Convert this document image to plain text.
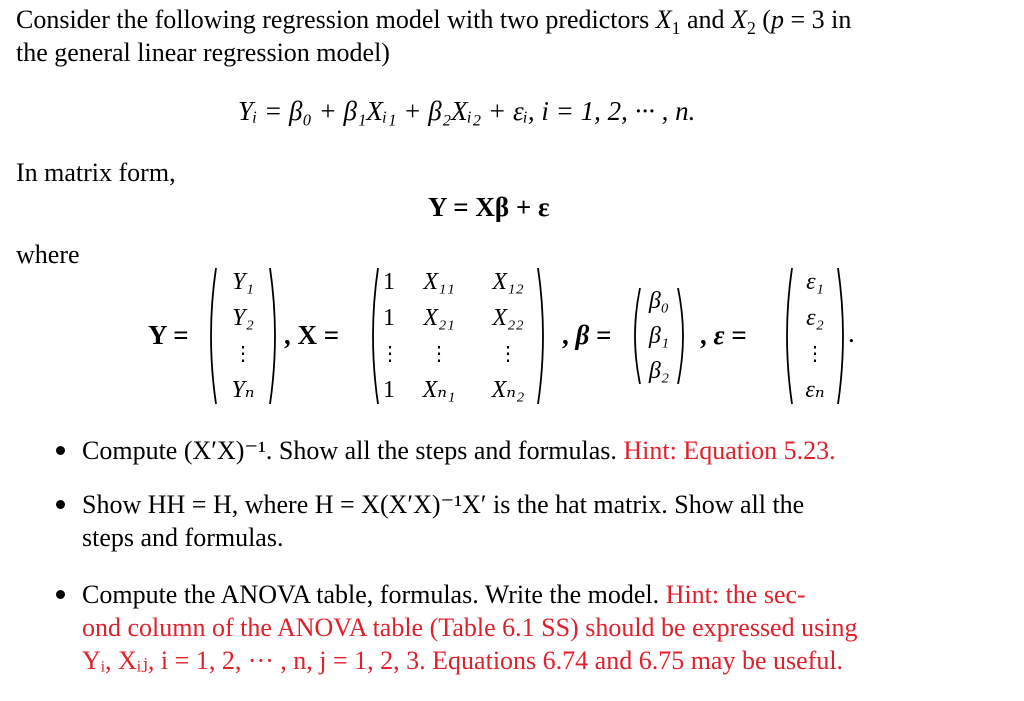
Consider the following regression model with two predictors $X_1$ and $X_2$ (p = 3 in
the general linear regression model)
Yᵢ = β₀ + β₁Xᵢ₁ + β₂Xᵢ₂ + εᵢ, i = 1, 2, ··· , n.
In matrix form,
Y = Xβ + ε
where
Y =
Y₁
Y₂
⋮
Yₙ
, X =
1
1
⋮
1
X₁₁
X₂₁
⋮
Xₙ₁
X₁₂
X₂₂
⋮
Xₙ₂
, β =
β₀
β₁
β₂
, ε =
ε₁
ε₂
⋮
εₙ
.
Compute (X′X)⁻¹. Show all the steps and formulas. Hint: Equation 5.23.
Show HH = H, where H = X(X′X)⁻¹X′ is the hat matrix. Show all the
steps and formulas.
Compute the ANOVA table, formulas. Write the model. Hint: the sec-
ond column of the ANOVA table (Table 6.1 SS) should be expressed using
Yᵢ, Xᵢⱼ, i = 1, 2, ··· , n, j = 1, 2, 3. Equations 6.74 and 6.75 may be useful.
